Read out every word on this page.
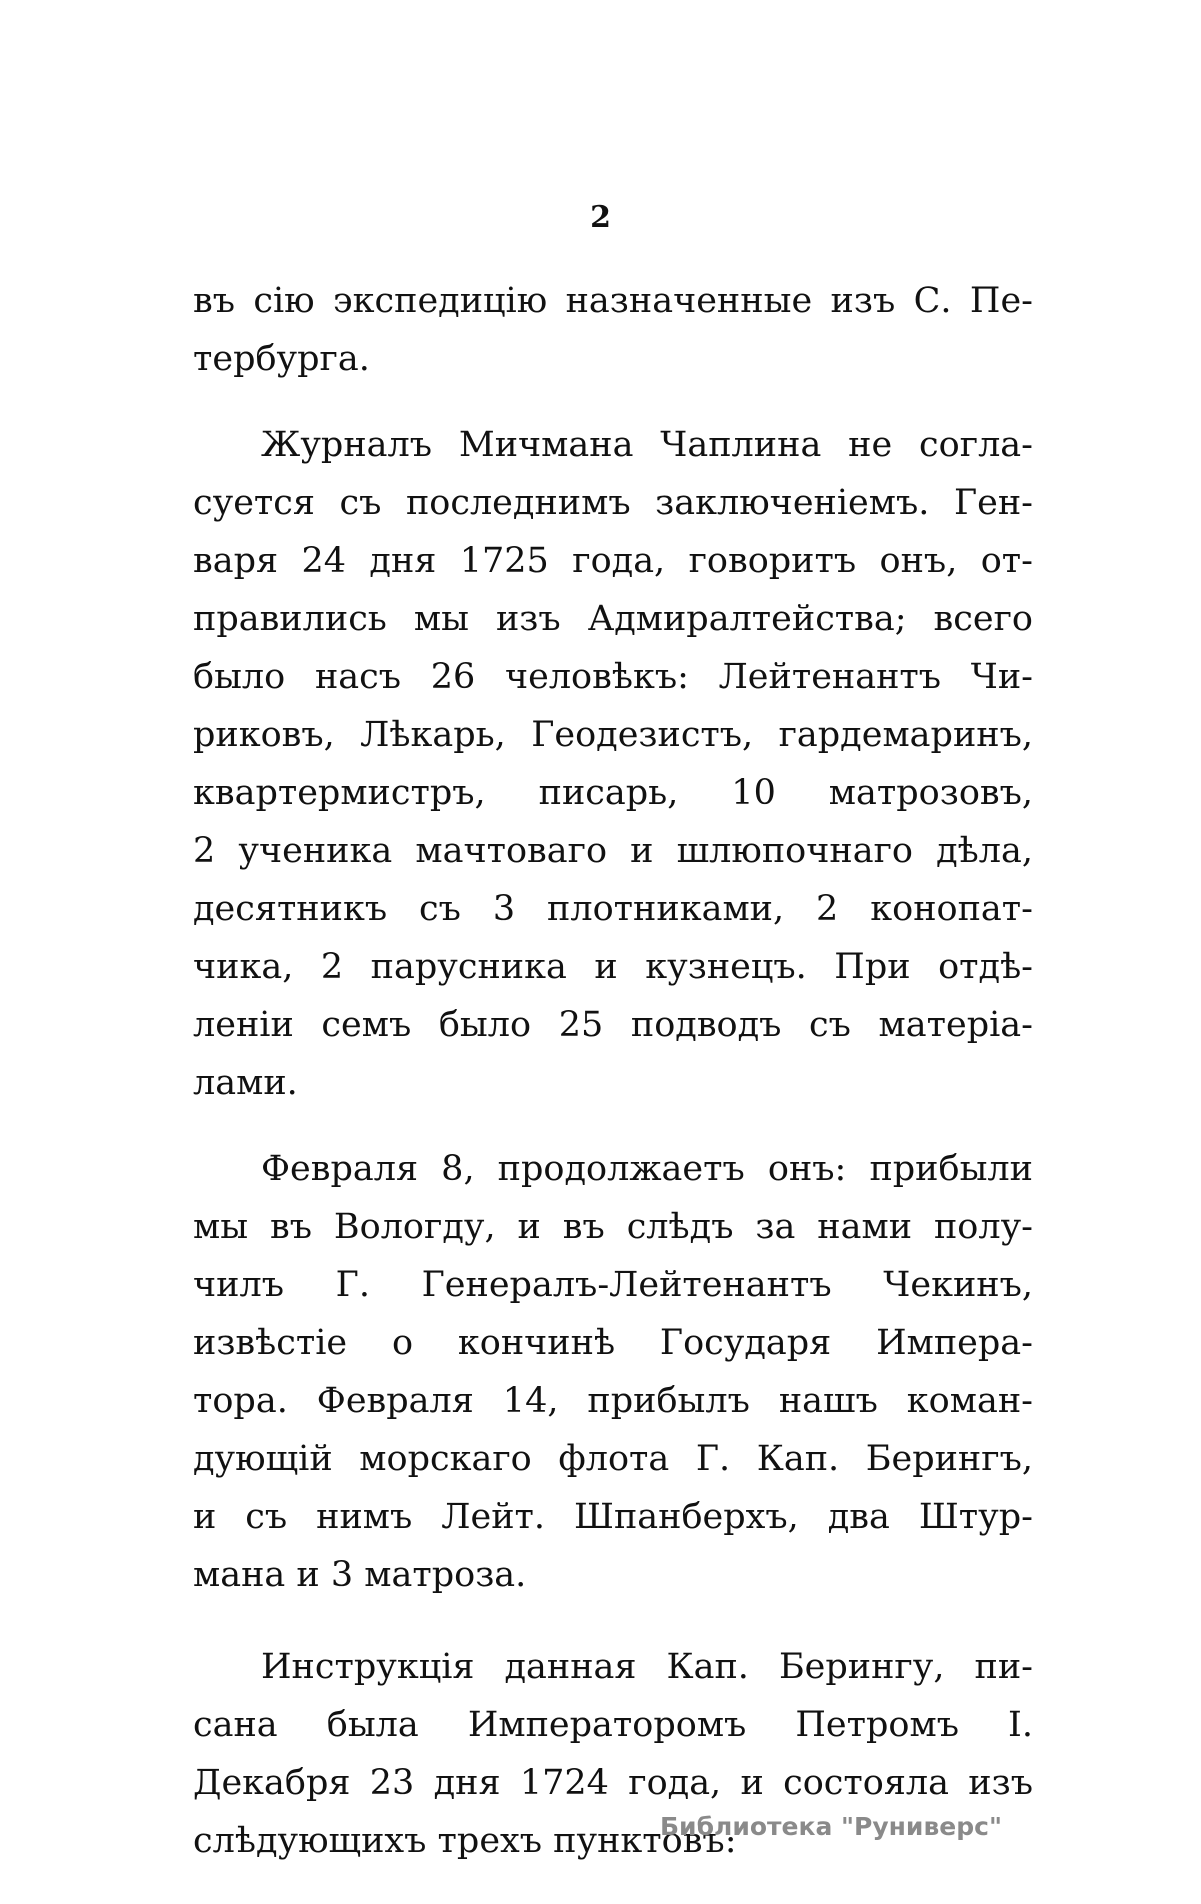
2
въ сію экспедицію назначенные изъ С. Пе-
тербурга.
Журналъ Мичмана Чаплина не согла-
суется съ последнимъ заключеніемъ. Ген-
варя 24 дня 1725 года, говоритъ онъ, от-
правились мы изъ Адмиралтейства; всего
было насъ 26 человѣкъ: Лейтенантъ Чи-
риковъ, Лѣкарь, Геодезистъ, гардемаринъ,
квартермистръ, писарь, 10 матрозовъ,
2 ученика мачтоваго и шлюпочнаго дѣла,
десятникъ съ 3 плотниками, 2 конопат-
чика, 2 парусника и кузнецъ. При отдѣ-
леніи семъ было 25 подводъ съ матеріа-
лами.
Февраля 8, продолжаетъ онъ: прибыли
мы въ Вологду, и въ слѣдъ за нами полу-
чилъ Г. Генералъ-Лейтенантъ Чекинъ,
извѣстіе о кончинѣ Государя Импера-
тора. Февраля 14, прибылъ нашъ коман-
дующій морскаго флота Г. Кап. Берингъ,
и съ нимъ Лейт. Шпанберхъ, два Штур-
мана и 3 матроза.
Инструкція данная Кап. Берингу, пи-
сана была Императоромъ Петромъ I.
Декабря 23 дня 1724 года, и состояла изъ
слѣдующихъ трехъ пунктовъ:
Библиотека "Руниверс"
